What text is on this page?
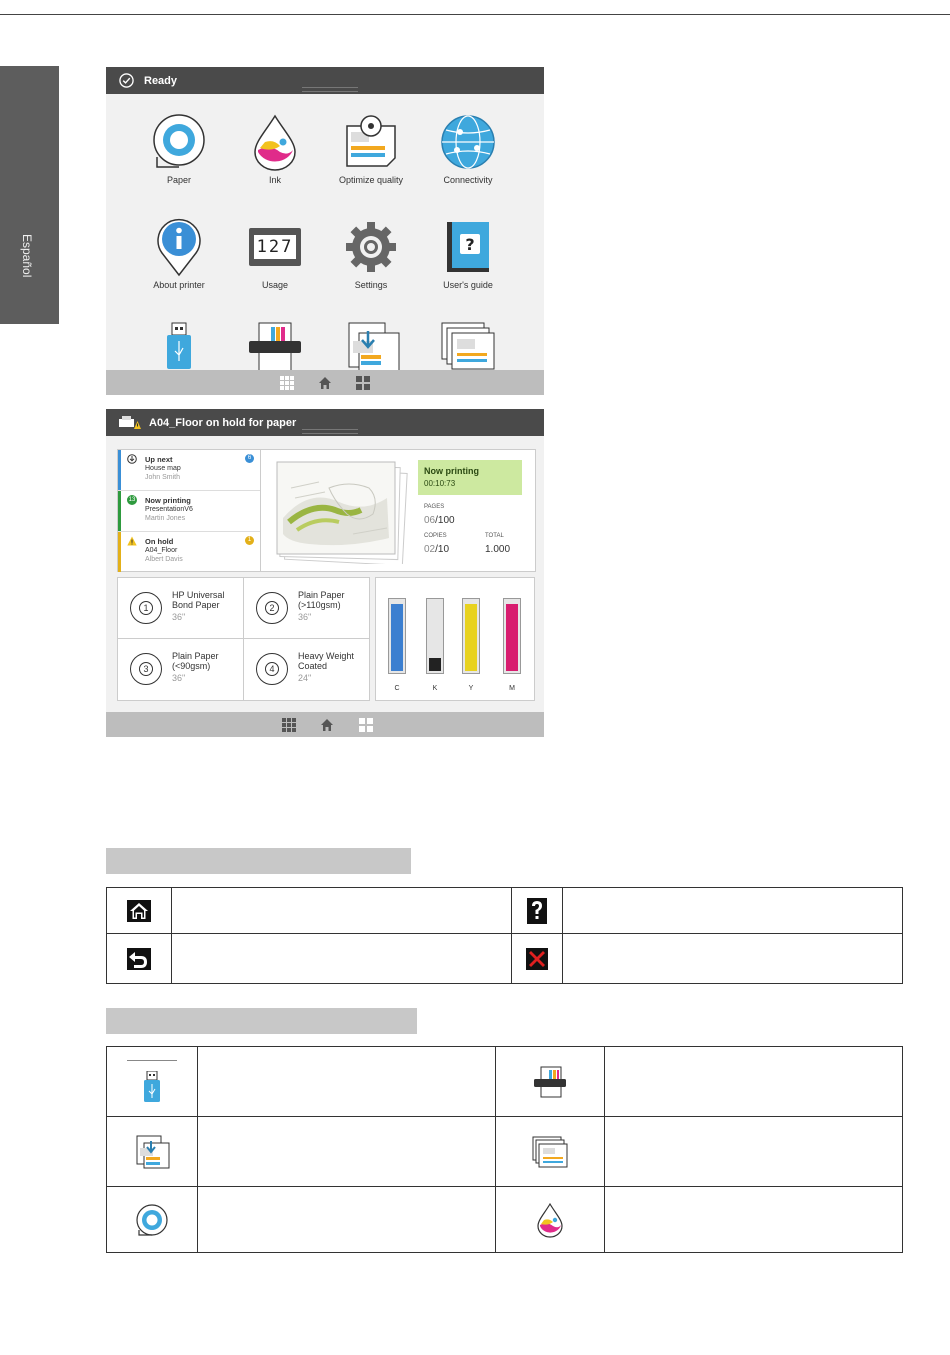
Español
Ready
Paper	Ink	Optimize quality	Connectivity
About printer
127
Usage	Settings
?
User's guide
A04_Floor on hold for paper
Up next
House map
John Smith
6
13 Now printing
PresentationV6
Martin Jones
On hold
A04_Floor
Albert Davis
1
Now printing
00:10:73
PAGES
06/100
COPIES	TOTAL
02/10	1.000
1
HP Universal
Bond Paper
36"
2
Plain Paper
(>110gsm)
36"
3
Plain Paper
(<90gsm)
36"
4
Heavy Weight
Coated
24"
C	K	Y	M
